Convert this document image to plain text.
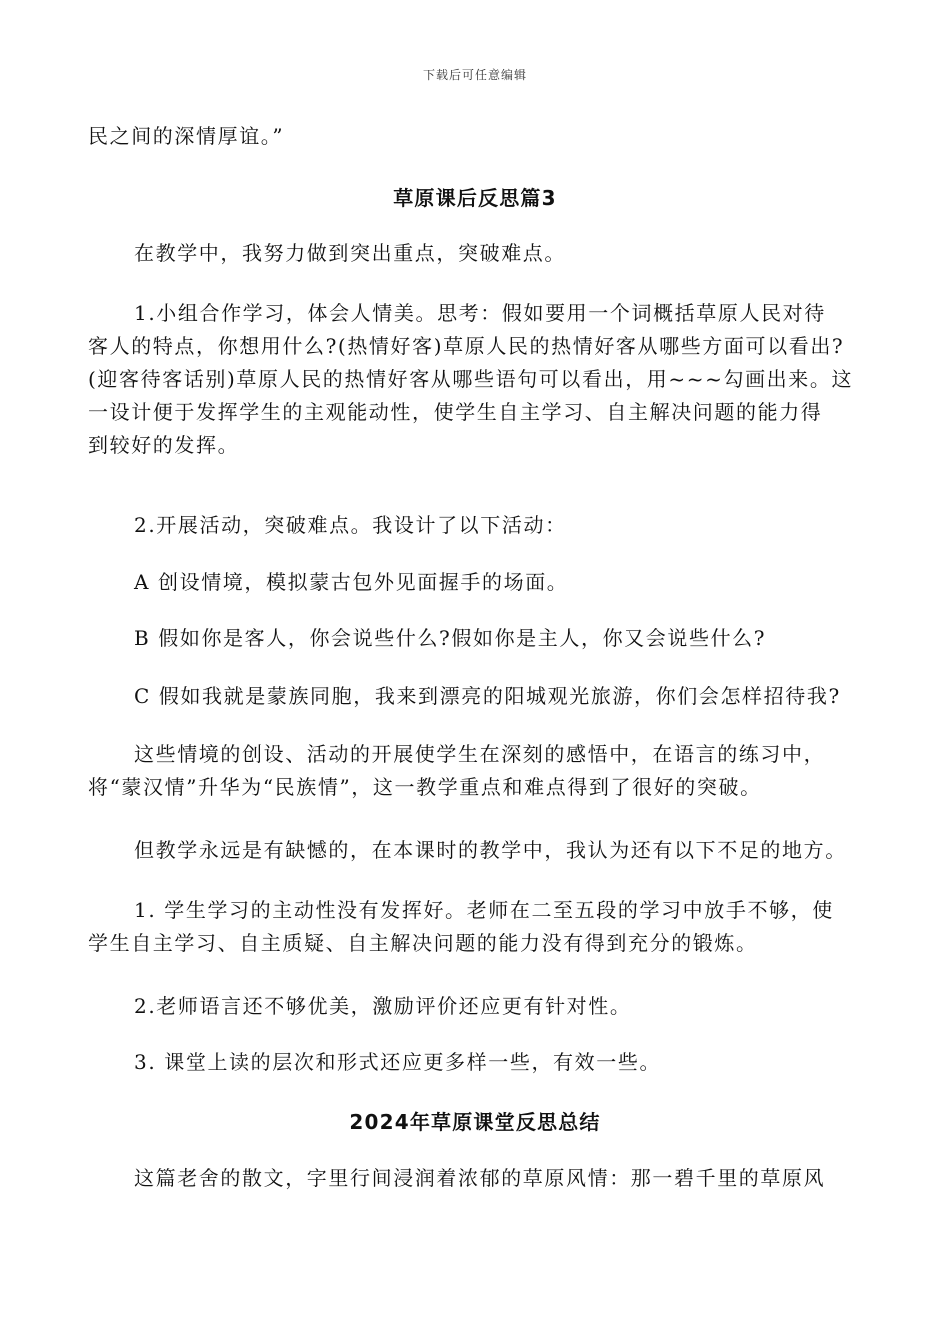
下载后可任意编辑
民之间的深情厚谊。”
草原课后反思篇3
在教学中，我努力做到突出重点，突破难点。
1.小组合作学习，体会人情美。思考：假如要用一个词概括草原人民对待
客人的特点，你想用什么?(热情好客)草原人民的热情好客从哪些方面可以看出?
(迎客待客话别)草原人民的热情好客从哪些语句可以看出，用~~~勾画出来。这
一设计便于发挥学生的主观能动性，使学生自主学习、自主解决问题的能力得
到较好的发挥。
2.开展活动，突破难点。我设计了以下活动：
A 创设情境，模拟蒙古包外见面握手的场面。
B 假如你是客人，你会说些什么?假如你是主人，你又会说些什么?
C 假如我就是蒙族同胞，我来到漂亮的阳城观光旅游，你们会怎样招待我?
这些情境的创设、活动的开展使学生在深刻的感悟中，在语言的练习中，
将“蒙汉情”升华为“民族情”，这一教学重点和难点得到了很好的突破。
但教学永远是有缺憾的，在本课时的教学中，我认为还有以下不足的地方。
1. 学生学习的主动性没有发挥好。老师在二至五段的学习中放手不够，使
学生自主学习、自主质疑、自主解决问题的能力没有得到充分的锻炼。
2.老师语言还不够优美，激励评价还应更有针对性。
3. 课堂上读的层次和形式还应更多样一些，有效一些。
2024年草原课堂反思总结
这篇老舍的散文，字里行间浸润着浓郁的草原风情：那一碧千里的草原风
